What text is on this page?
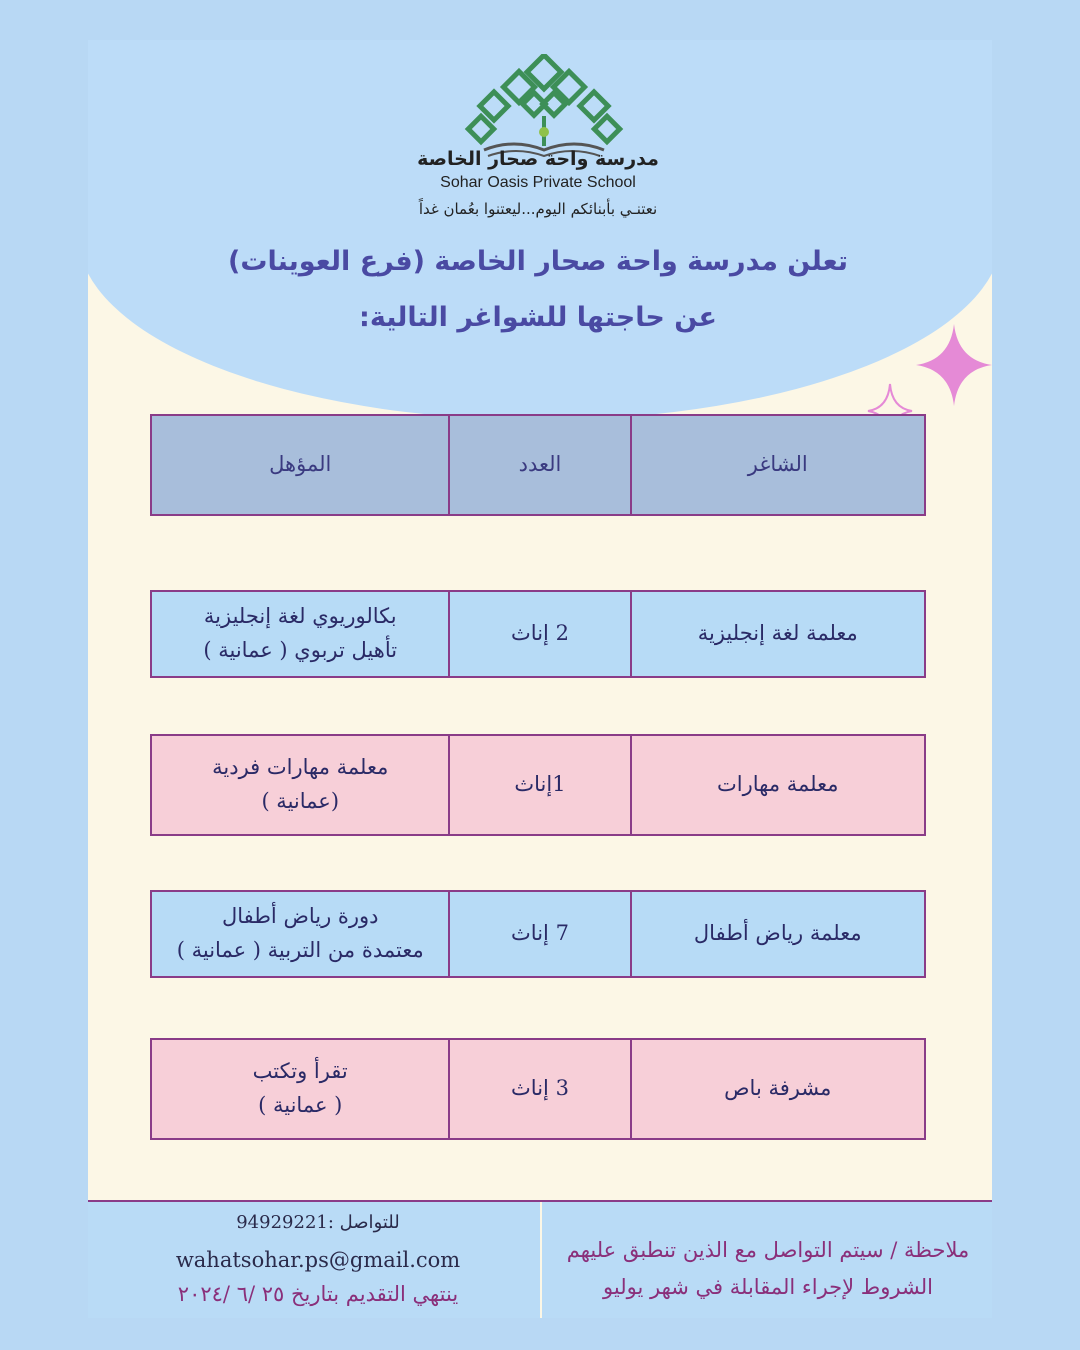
مدرسة واحة صحار الخاصة
Sohar Oasis Private School
نعتنـي بأبنائكم اليوم...ليعتنوا بعُمان غداً
تعلن مدرسة واحة صحار الخاصة (فرع العوينات)
عن حاجتها للشواغر التالية:
الشاغر
العدد
المؤهل
معلمة لغة إنجليزية
2 إناث
بكالوريوي لغة إنجليزية
تأهيل تربوي ( عمانية )
معلمة مهارات
1إناث
معلمة مهارات فردية
(عمانية )
معلمة رياض أطفال
7 إناث
دورة رياض أطفال
معتمدة من التربية ( عمانية )
مشرفة باص
3 إناث
تقرأ وتكتب
( عمانية )
ملاحظة / سيتم التواصل مع الذين تنطبق عليهم الشروط لإجراء المقابلة في شهر يوليو
للتواصل :94929221
wahatsohar.ps@gmail.com
ينتهي التقديم بتاريخ ٢٥ /٦ /٢٠٢٤
